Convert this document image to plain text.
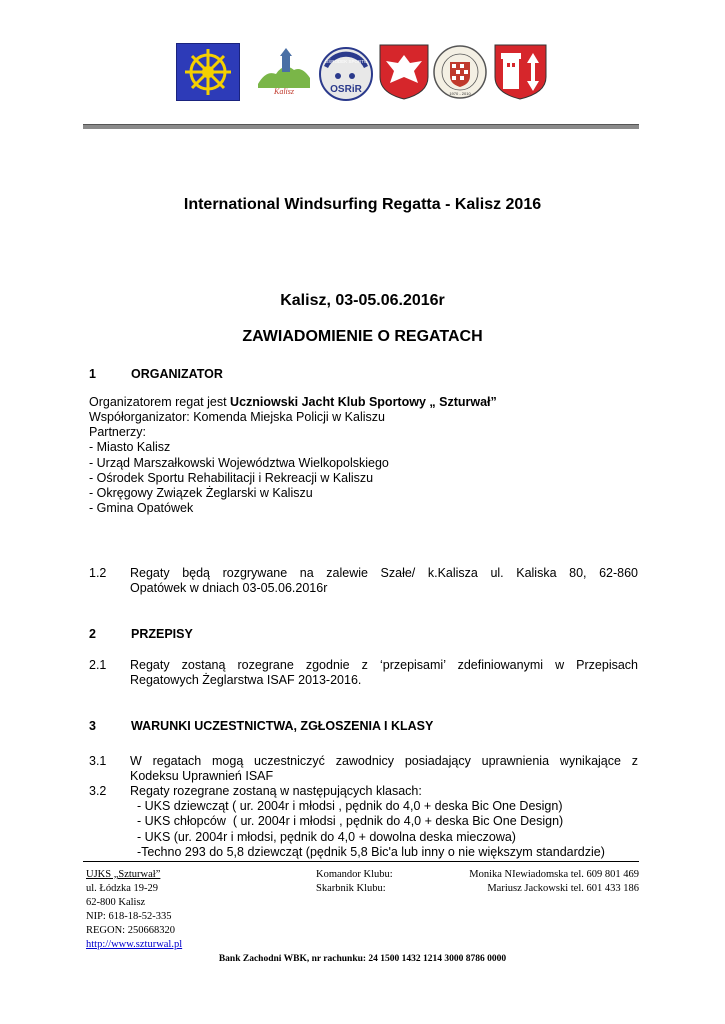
Kalisz
OŚRODEK SPORTU
OSRiR	1970 - 2010
International Windsurfing Regatta - Kalisz 2016
Kalisz, 03-05.06.2016r
ZAWIADOMIENIE O REGATACH
1	ORGANIZATOR
Organizatorem regat jest Uczniowski Jacht Klub Sportowy „ Szturwał”
Współorganizator: Komenda Miejska Policji w Kaliszu
Partnerzy:
- Miasto Kalisz
- Urząd Marszałkowski Województwa Wielkopolskiego
- Ośrodek Sportu Rehabilitacji i Rekreacji w Kaliszu
- Okręgowy Związek Żeglarski w Kaliszu
- Gmina Opatówek
1.2 Regaty będą rozgrywane na zalewie Szałe/ k.Kalisza ul. Kaliska 80, 62-860
Opatówek w dniach 03-05.06.2016r
2	PRZEPISY
2.1 Regaty zostaną rozegrane zgodnie z ‘przepisami’ zdefiniowanymi w Przepisach
Regatowych Żeglarstwa ISAF 2013-2016.
3	WARUNKI UCZESTNICTWA, ZGŁOSZENIA I KLASY
3.1 W regatach mogą uczestniczyć zawodnicy posiadający uprawnienia wynikające z
Kodeksu Uprawnień ISAF
3.2 Regaty rozegrane zostaną w następujących klasach:
- UKS dziewcząt ( ur. 2004r i młodsi , pędnik do 4,0 + deska Bic One Design)
- UKS chłopców  ( ur. 2004r i młodsi , pędnik do 4,0 + deska Bic One Design)
- UKS (ur. 2004r i młodsi, pędnik do 4,0 + dowolna deska mieczowa)
-Techno 293 do 5,8 dziewcząt (pędnik 5,8 Bic'a lub inny o nie większym standardzie)
UJKS „Szturwał”
ul. Łódzka 19-29
62-800 Kalisz
NIP: 618-18-52-335
REGON: 250668320
http://www.szturwal.pl
Komandor Klubu:
Skarbnik Klubu:
Monika NIewiadomska tel. 609 801 469
Mariusz Jackowski tel. 601 433 186
Bank Zachodni WBK, nr rachunku: 24 1500 1432 1214 3000 8786 0000
